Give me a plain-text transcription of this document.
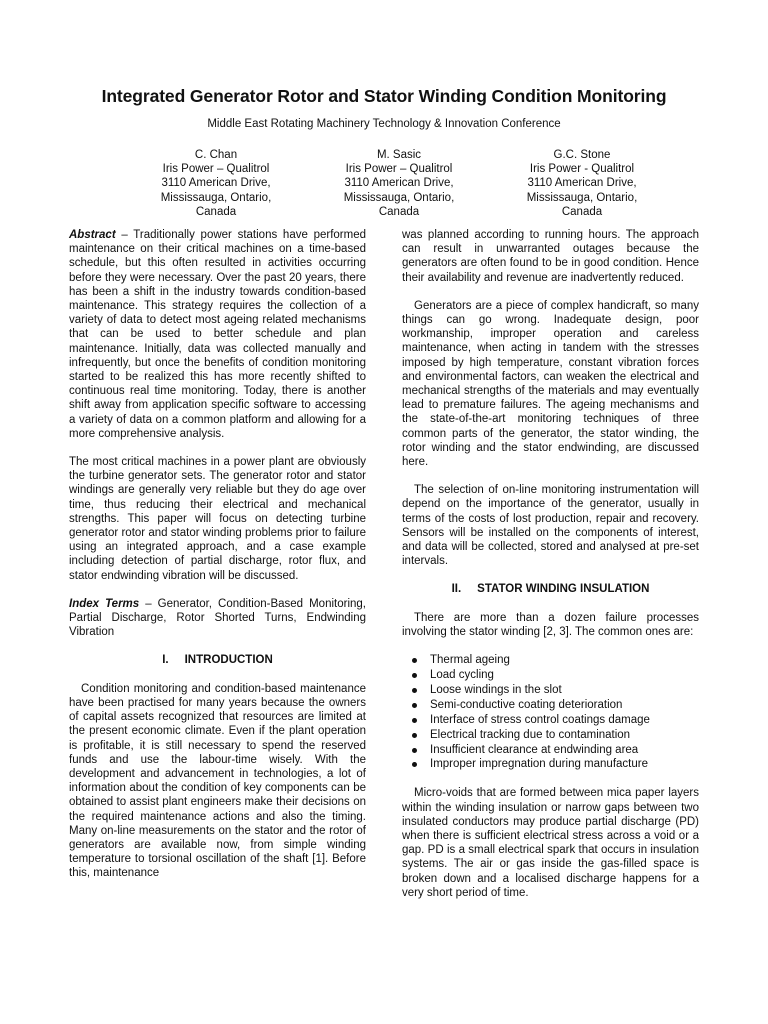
Integrated Generator Rotor and Stator Winding Condition Monitoring
Middle East Rotating Machinery Technology & Innovation Conference
C. Chan
Iris Power – Qualitrol
3110 American Drive,
Mississauga, Ontario,
Canada
M. Sasic
Iris Power – Qualitrol
3110 American Drive,
Mississauga, Ontario,
Canada
G.C. Stone
Iris Power - Qualitrol
3110 American Drive,
Mississauga, Ontario,
Canada

Abstract – Traditionally power stations have performed maintenance on their critical machines on a time-based schedule, but this often resulted in activities occurring before they were necessary. Over the past 20 years, there has been a shift in the industry towards condition-based maintenance. This strategy requires the collection of a variety of data to detect most ageing related mechanisms that can be used to better schedule and plan maintenance. Initially, data was collected manually and infrequently, but once the benefits of condition monitoring started to be realized this has more recently shifted to continuous real time monitoring. Today, there is another shift away from application specific software to accessing a variety of data on a common platform and allowing for a more comprehensive analysis.

The most critical machines in a power plant are obviously the turbine generator sets. The generator rotor and stator windings are generally very reliable but they do age over time, thus reducing their electrical and mechanical strengths. This paper will focus on detecting turbine generator rotor and stator winding problems prior to failure using an integrated approach, and a case example including detection of partial discharge, rotor flux, and stator endwinding vibration will be discussed.

Index Terms – Generator, Condition-Based Monitoring, Partial Discharge, Rotor Shorted Turns, Endwinding Vibration

I. INTRODUCTION

Condition monitoring and condition-based maintenance have been practised for many years because the owners of capital assets recognized that resources are limited at the present economic climate. Even if the plant operation is profitable, it is still necessary to spend the reserved funds and use the labour-time wisely. With the development and advancement in technologies, a lot of information about the condition of key components can be obtained to assist plant engineers make their decisions on the required maintenance actions and also the timing. Many on-line measurements on the stator and the rotor of generators are available now, from simple winding temperature to torsional oscillation of the shaft [1]. Before this, maintenance

was planned according to running hours. The approach can result in unwarranted outages because the generators are often found to be in good condition. Hence their availability and revenue are inadvertently reduced.

Generators are a piece of complex handicraft, so many things can go wrong. Inadequate design, poor workmanship, improper operation and careless maintenance, when acting in tandem with the stresses imposed by high temperature, constant vibration forces and environmental factors, can weaken the electrical and mechanical strengths of the materials and may eventually lead to premature failures. The ageing mechanisms and the state-of-the-art monitoring techniques of three common parts of the generator, the stator winding, the rotor winding and the stator endwinding, are discussed here.

The selection of on-line monitoring instrumentation will depend on the importance of the generator, usually in terms of the costs of lost production, repair and recovery. Sensors will be installed on the components of interest, and data will be collected, stored and analysed at pre-set intervals.

II. STATOR WINDING INSULATION

There are more than a dozen failure processes involving the stator winding [2, 3]. The common ones are:

Thermal ageing
Load cycling
Loose windings in the slot
Semi-conductive coating deterioration
Interface of stress control coatings damage
Electrical tracking due to contamination
Insufficient clearance at endwinding area
Improper impregnation during manufacture

Micro-voids that are formed between mica paper layers within the winding insulation or narrow gaps between two insulated conductors may produce partial discharge (PD) when there is sufficient electrical stress across a void or a gap. PD is a small electrical spark that occurs in insulation systems. The air or gas inside the gas-filled space is broken down and a localised discharge happens for a very short period of time.
